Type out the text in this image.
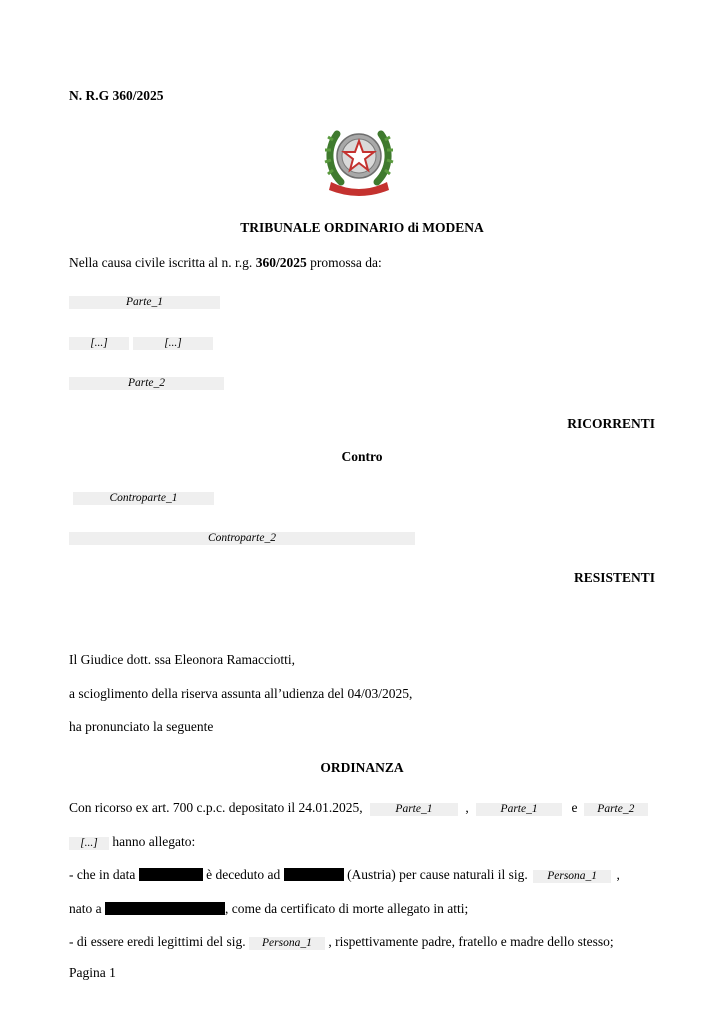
N. R.G 360/2025
TRIBUNALE ORDINARIO di MODENA
Nella causa civile iscritta al n. r.g. 360/2025 promossa da:
Parte_1
[...]	[...]
Parte_2
RICORRENTI
Contro
Controparte_1
Controparte_2
RESISTENTI
Il Giudice dott. ssa Eleonora Ramacciotti,
a scioglimento della riserva assunta all’udienza del 04/03/2025,
ha pronunciato la seguente
ORDINANZA
Con ricorso ex art. 700 c.p.c. depositato il 24.01.2025,	Parte_1 ,	Parte_1	e Parte_2
[...] hanno allegato:
- che in data	è deceduto ad	(Austria) per cause naturali il sig. Persona_1 ,
nato a	, come da certificato di morte allegato in atti;
- di essere eredi legittimi del sig. Persona_1 , rispettivamente padre, fratello e madre dello stesso;
Pagina 1
